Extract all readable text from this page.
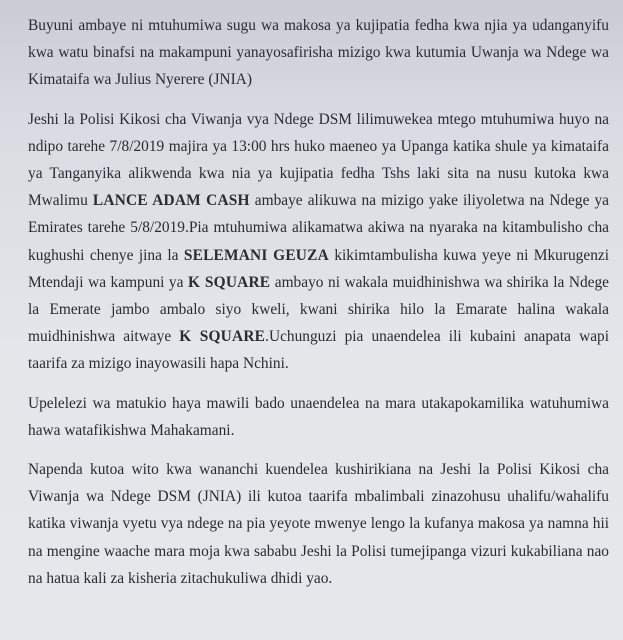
Buyuni ambaye ni mtuhumiwa sugu wa makosa ya kujipatia fedha kwa njia ya udanganyifu kwa watu binafsi na makampuni yanayosafirisha mizigo kwa kutumia Uwanja wa Ndege wa Kimataifa wa Julius Nyerere (JNIA)

Jeshi la Polisi Kikosi cha Viwanja vya Ndege DSM lilimuwekea mtego mtuhumiwa huyo na ndipo tarehe 7/8/2019 majira ya 13:00 hrs huko maeneo ya Upanga katika shule ya kimataifa ya Tanganyika alikwenda kwa nia ya kujipatia fedha Tshs laki sita na nusu kutoka kwa Mwalimu LANCE ADAM CASH ambaye alikuwa na mizigo yake iliyoletwa na Ndege ya Emirates tarehe 5/8/2019.Pia mtuhumiwa alikamatwa akiwa na nyaraka na kitambulisho cha kughushi chenye jina la SELEMANI GEUZA kikimtambulisha kuwa yeye ni Mkurugenzi Mtendaji wa kampuni ya K SQUARE ambayo ni wakala muidhinishwa wa shirika la Ndege la Emerate jambo ambalo siyo kweli, kwani shirika hilo la Emarate halina wakala muidhinishwa aitwaye K SQUARE.Uchunguzi pia unaendelea ili kubaini anapata wapi taarifa za mizigo inayowasili hapa Nchini.

Upelelezi wa matukio haya mawili bado unaendelea na mara utakapokamilika watuhumiwa hawa watafikishwa Mahakamani.

Napenda kutoa wito kwa wananchi kuendelea kushirikiana na Jeshi la Polisi Kikosi cha Viwanja wa Ndege DSM (JNIA) ili kutoa taarifa mbalimbali zinazohusu uhalifu/wahalifu katika viwanja vyetu vya ndege na pia yeyote mwenye lengo la kufanya makosa ya namna hii na mengine waache mara moja kwa sababu Jeshi la Polisi tumejipanga vizuri kukabiliana nao na hatua kali za kisheria zitachukuliwa dhidi yao.
